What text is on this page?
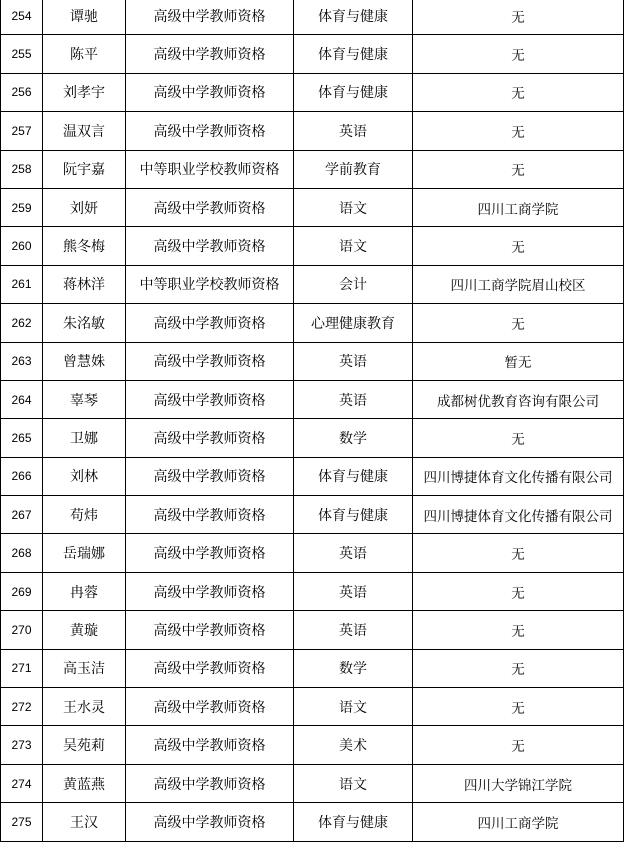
254	谭驰	高级中学教师资格	体育与健康	无
255	陈平	高级中学教师资格	体育与健康	无
256	刘孝宇	高级中学教师资格	体育与健康	无
257	温双言	高级中学教师资格	英语	无
258	阮宇嘉	中等职业学校教师资格	学前教育	无
259	刘妍	高级中学教师资格	语文	四川工商学院
260	熊冬梅	高级中学教师资格	语文	无
261	蒋林洋	中等职业学校教师资格	会计	四川工商学院眉山校区
262	朱洺敏	高级中学教师资格	心理健康教育	无
263	曾慧姝	高级中学教师资格	英语	暂无
264	辜琴	高级中学教师资格	英语	成都树优教育咨询有限公司
265	卫娜	高级中学教师资格	数学	无
266	刘林	高级中学教师资格	体育与健康	四川博捷体育文化传播有限公司
267	苟炜	高级中学教师资格	体育与健康	四川博捷体育文化传播有限公司
268	岳瑞娜	高级中学教师资格	英语	无
269	冉蓉	高级中学教师资格	英语	无
270	黄璇	高级中学教师资格	英语	无
271	高玉洁	高级中学教师资格	数学	无
272	王水灵	高级中学教师资格	语文	无
273	吴苑莉	高级中学教师资格	美术	无
274	黄蓝燕	高级中学教师资格	语文	四川大学锦江学院
275	王汉	高级中学教师资格	体育与健康	四川工商学院
